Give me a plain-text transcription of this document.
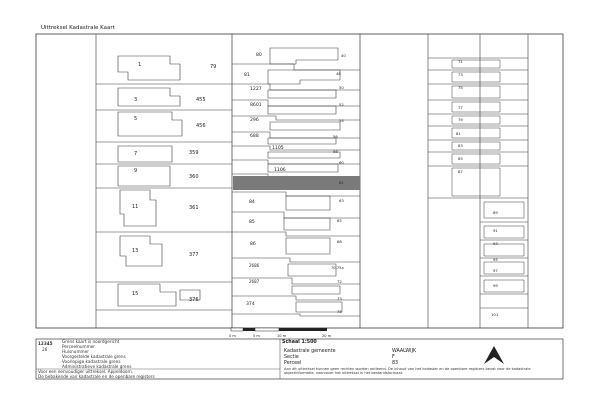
Uittreksel Kadastrale Kaart
1	79
3	455
5
456
7	359
9
360
11	361
13
377
15
376
80	40
81	48
1227	50
8601	52
296	54
688	56
1105
58
1106
60
61
84	63
85	65
86
68
2686	70-75a
2687	72
374
73
75
71
73
75
77
79
81
83
85
87
89
91
93
95
97
99
101
0 m	5 m	10 m	20 m
12345
26
Grens kaart is noordgericht
Perceelnummer
Huisnummer
Voorgestelde kadastrale grens
Voorlopige kadastrale grens
Administratieve kadastrale grens
Voor een eenvoudiger uittreksel, Appeldoorn.
De bebakende van kadastrale en de openbare registers
Schaal 1:500
Kadastrale gemeente	WAALWIJK
Sectie	F
Perceel	83
Aan dit uittreksel kunnen geen rechten worden ontleend. De inhoud van het kadaster en de openbare registers bevat voor de kadastrale objectinformatie, voorzover het uittreksel in het bestandsformaat.
